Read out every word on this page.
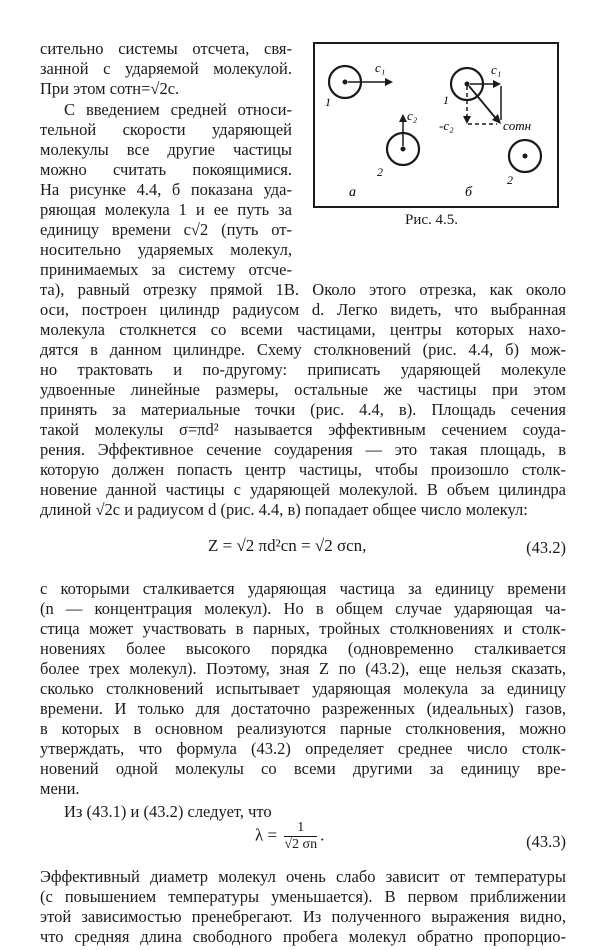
сительно системы отсчета, свя-
занной с ударяемой молекулой.
При этом cотн=√2c.
С введением средней относи-
тельной скорости ударяющей
молекулы все другие частицы
можно считать покоящимися.
На рисунке 4.4, б показана уда-
ряющая молекула 1 и ее путь за
единицу времени c√2 (путь от-
носительно ударяемых молекул,
принимаемых за систему отсче-
c₁
1
c₂
2
а
c₁
1
-c₂	cотн
2
б
Рис. 4.5.
та), равный отрезку прямой 1B. Около этого отрезка, как около
оси, построен цилиндр радиусом d. Легко видеть, что выбранная
молекула столкнется со всеми частицами, центры которых нахо-
дятся в данном цилиндре. Схему столкновений (рис. 4.4, б) мож-
но трактовать и по-другому: приписать ударяющей молекуле
удвоенные линейные размеры, остальные же частицы при этом
принять за материальные точки (рис. 4.4, в). Площадь сечения
такой молекулы σ=πd² называется эффективным сечением соуда-
рения. Эффективное сечение соударения — это такая площадь, в
которую должен попасть центр частицы, чтобы произошло столк-
новение данной частицы с ударяющей молекулой. В объем цилиндра
длиной √2c и радиусом d (рис. 4.4, в) попадает общее число молекул:
Z = √2 πd²cn = √2 σcn,	(43.2)
с которыми сталкивается ударяющая частица за единицу времени
(n — концентрация молекул). Но в общем случае ударяющая ча-
стица может участвовать в парных, тройных столкновениях и столк-
новениях более высокого порядка (одновременно сталкивается
более трех молекул). Поэтому, зная Z по (43.2), еще нельзя сказать,
сколько столкновений испытывает ударяющая молекула за единицу
времени. И только для достаточно разреженных (идеальных) газов,
в которых в основном реализуются парные столкновения, можно
утверждать, что формула (43.2) определяет среднее число столк-
новений одной молекулы со всеми другими за единицу вре-
мени.
Из (43.1) и (43.2) следует, что
$\lambda = \frac{1}{√2 \sigma n}$ .	(43.3)
Эффективный диаметр молекул очень слабо зависит от температуры
(с повышением температуры уменьшается). В первом приближении
этой зависимостью пренебрегают. Из полученного выражения видно,
что средняя длина свободного пробега молекул обратно пропорцио-
